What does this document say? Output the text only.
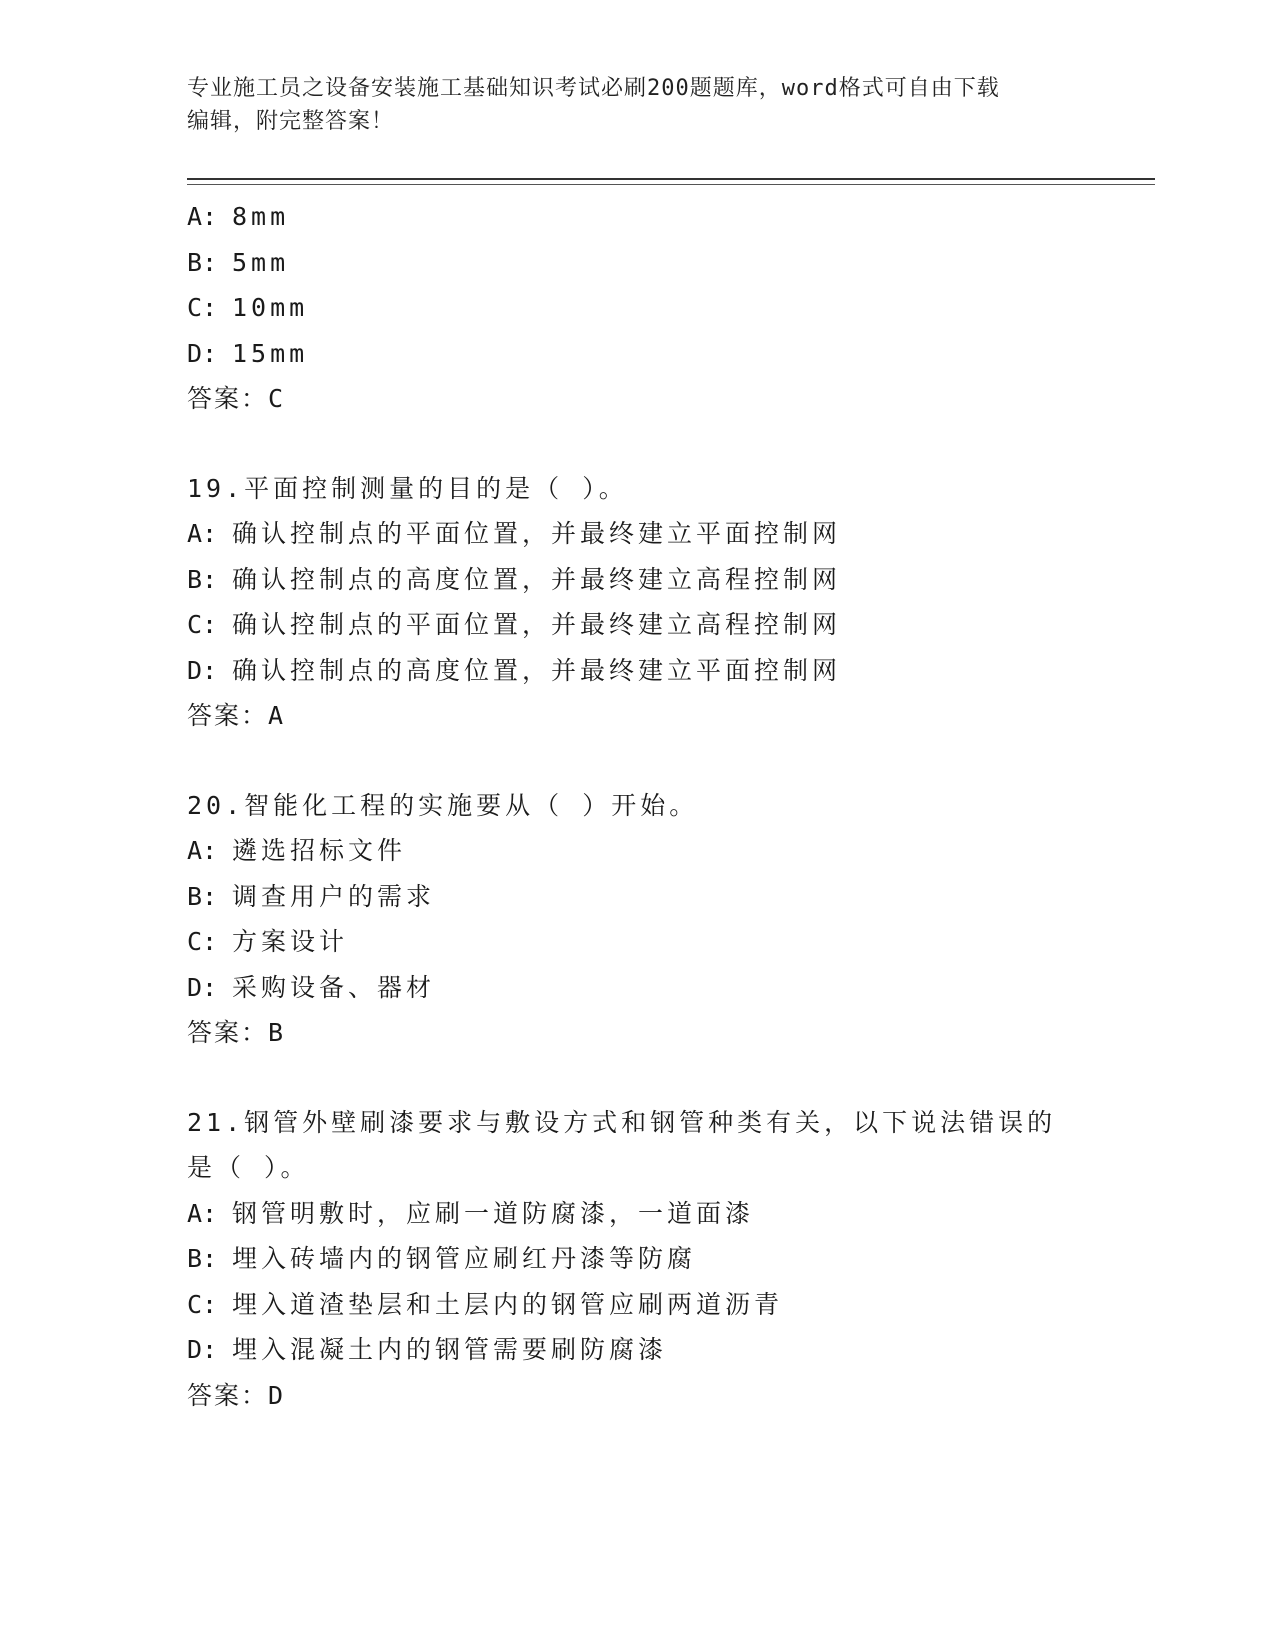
专业施工员之设备安装施工基础知识考试必刷200题题库，word格式可自由下载
编辑，附完整答案！
A: 8mm
B: 5mm
C: 10mm
D: 15mm
答案：C
19.平面控制测量的目的是（ ）。
A: 确认控制点的平面位置，并最终建立平面控制网
B: 确认控制点的高度位置，并最终建立高程控制网
C: 确认控制点的平面位置，并最终建立高程控制网
D: 确认控制点的高度位置，并最终建立平面控制网
答案：A
20.智能化工程的实施要从（ ）开始。
A: 遴选招标文件
B: 调查用户的需求
C: 方案设计
D: 采购设备、器材
答案：B
21.钢管外壁刷漆要求与敷设方式和钢管种类有关，以下说法错误的是（ ）。
A: 钢管明敷时，应刷一道防腐漆，一道面漆
B: 埋入砖墙内的钢管应刷红丹漆等防腐
C: 埋入道渣垫层和土层内的钢管应刷两道沥青
D: 埋入混凝土内的钢管需要刷防腐漆
答案：D
